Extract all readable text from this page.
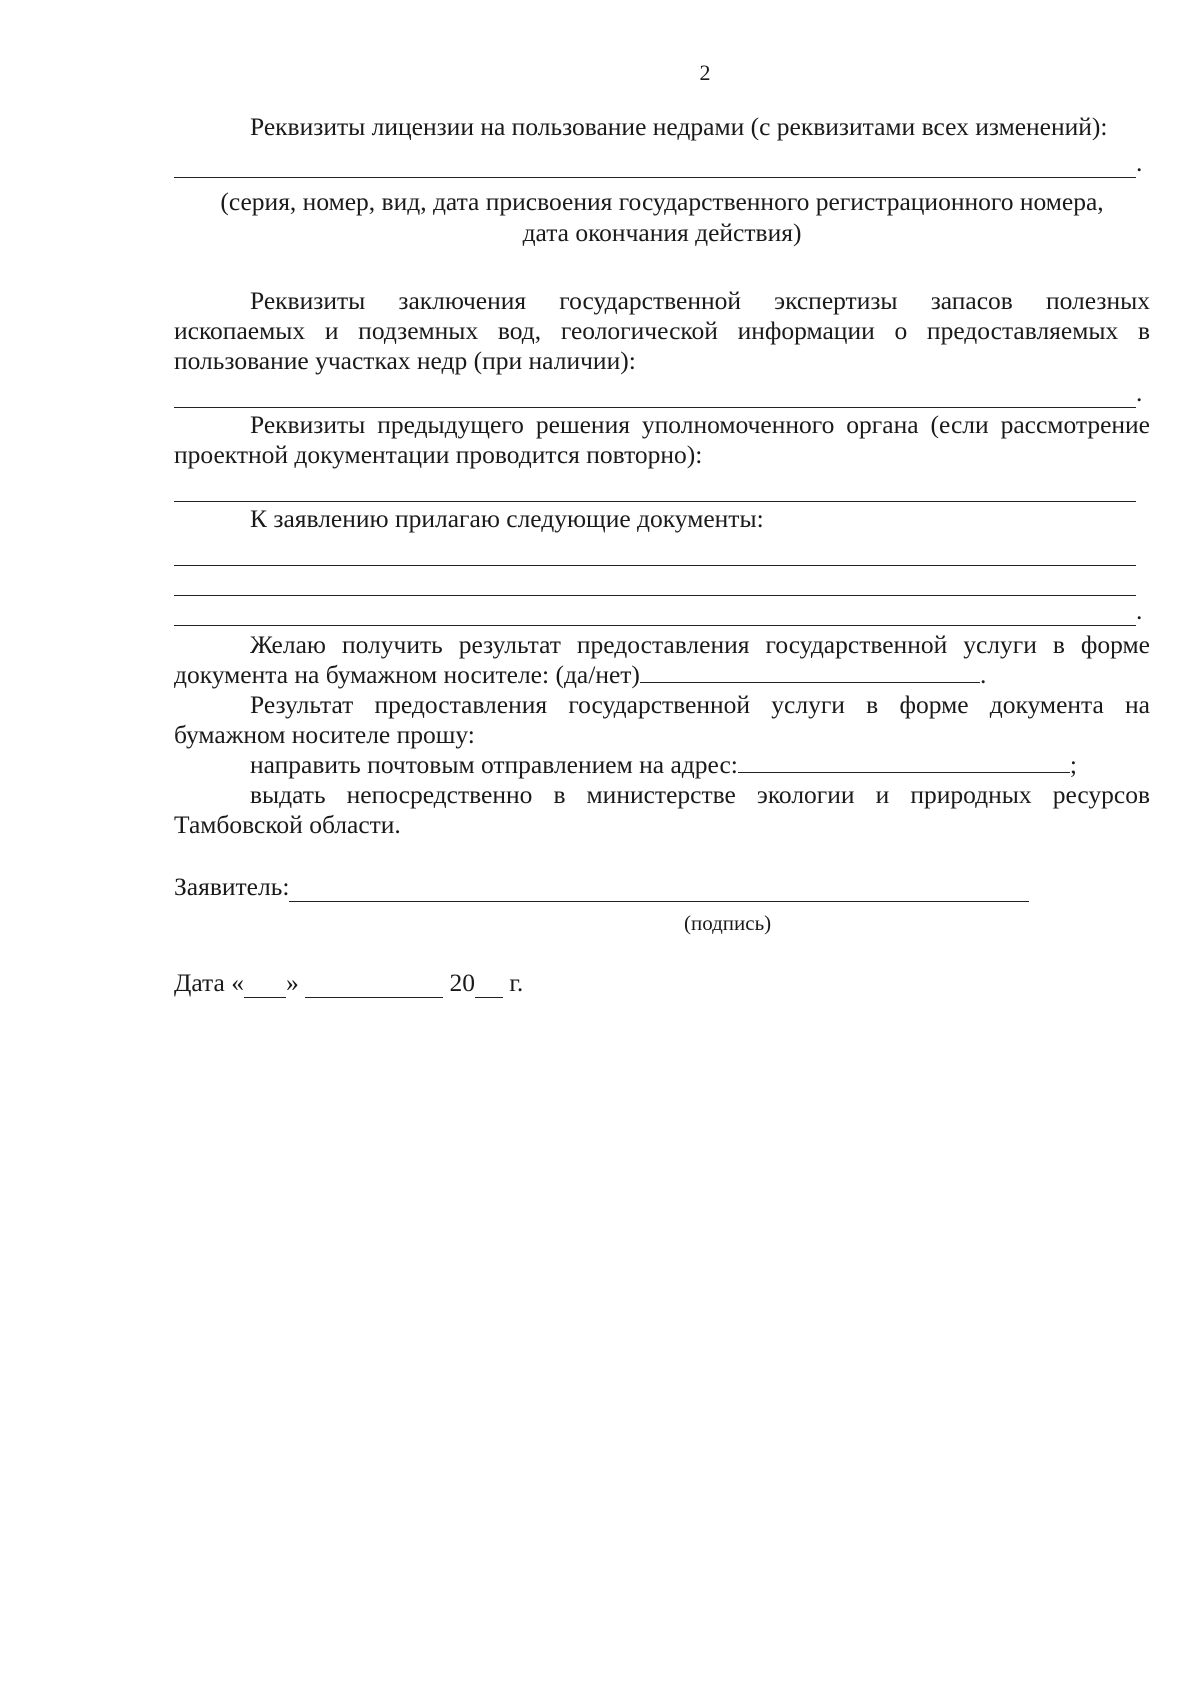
2

Реквизиты лицензии на пользование недрами (с реквизитами всех изменений):

.
(серия, номер, вид, дата присвоения государственного регистрационного номера, дата окончания действия)

Реквизиты заключения государственной экспертизы запасов полезных ископаемых и подземных вод, геологической информации о предоставляемых в пользование участках недр (при наличии):

.

Реквизиты предыдущего решения уполномоченного органа (если рассмотрение проектной документации проводится повторно):

К заявлению прилагаю следующие документы:

.

Желаю получить результат предоставления государственной услуги в форме документа на бумажном носителе: (да/нет)	.

Результат предоставления государственной услуги в форме документа на бумажном носителе прошу:

направить почтовым отправлением на адрес:	;

выдать непосредственно в министерстве экологии и природных ресурсов Тамбовской области.

Заявитель:
(подпись)
Дата « »

	20
г.
